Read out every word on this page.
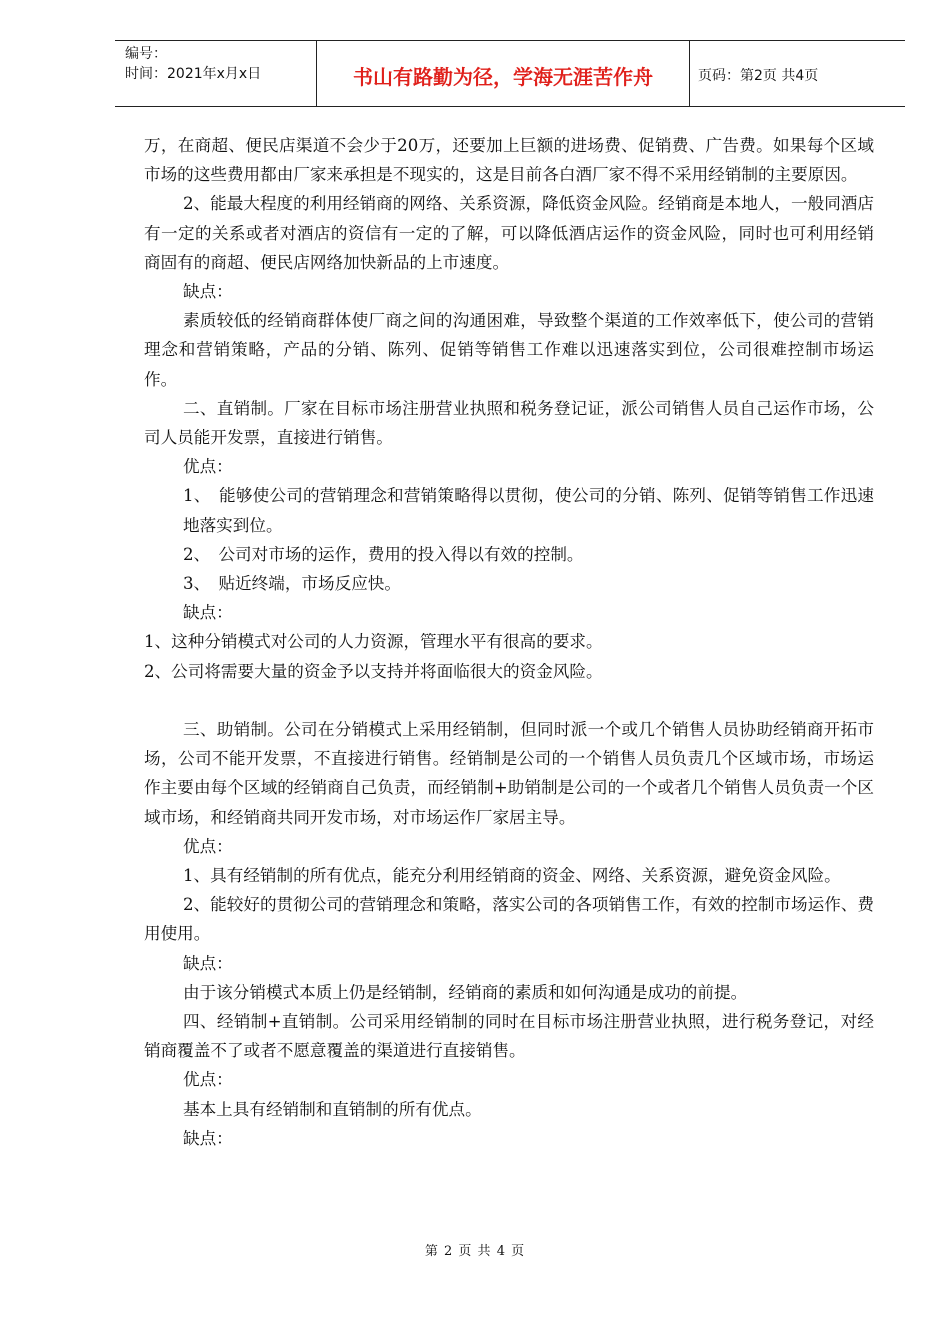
编号：
时间：2021年x月x日	书山有路勤为径，学海无涯苦作舟	页码：第2页 共4页

万，在商超、便民店渠道不会少于20万，还要加上巨额的进场费、促销费、广告费。如果每个区域市场的这些费用都由厂家来承担是不现实的，这是目前各白酒厂家不得不采用经销制的主要原因。

2、能最大程度的利用经销商的网络、关系资源，降低资金风险。经销商是本地人，一般同酒店有一定的关系或者对酒店的资信有一定的了解，可以降低酒店运作的资金风险，同时也可利用经销商固有的商超、便民店网络加快新品的上市速度。

缺点：

素质较低的经销商群体使厂商之间的沟通困难，导致整个渠道的工作效率低下，使公司的营销理念和营销策略，产品的分销、陈列、促销等销售工作难以迅速落实到位，公司很难控制市场运作。

二、直销制。厂家在目标市场注册营业执照和税务登记证，派公司销售人员自己运作市场，公司人员能开发票，直接进行销售。

优点：

1、　能够使公司的营销理念和营销策略得以贯彻，使公司的分销、陈列、促销等销售工作迅速地落实到位。

2、　公司对市场的运作，费用的投入得以有效的控制。

3、　贴近终端，市场反应快。

缺点：

1、这种分销模式对公司的人力资源，管理水平有很高的要求。

2、公司将需要大量的资金予以支持并将面临很大的资金风险。

三、助销制。公司在分销模式上采用经销制，但同时派一个或几个销售人员协助经销商开拓市场，公司不能开发票，不直接进行销售。经销制是公司的一个销售人员负责几个区域市场，市场运作主要由每个区域的经销商自己负责，而经销制+助销制是公司的一个或者几个销售人员负责一个区域市场，和经销商共同开发市场，对市场运作厂家居主导。

优点：

1、具有经销制的所有优点，能充分利用经销商的资金、网络、关系资源，避免资金风险。

2、能较好的贯彻公司的营销理念和策略，落实公司的各项销售工作，有效的控制市场运作、费用使用。

缺点：

由于该分销模式本质上仍是经销制，经销商的素质和如何沟通是成功的前提。

四、经销制+直销制。公司采用经销制的同时在目标市场注册营业执照，进行税务登记，对经销商覆盖不了或者不愿意覆盖的渠道进行直接销售。

优点：

基本上具有经销制和直销制的所有优点。

缺点：

第 2 页 共 4 页
